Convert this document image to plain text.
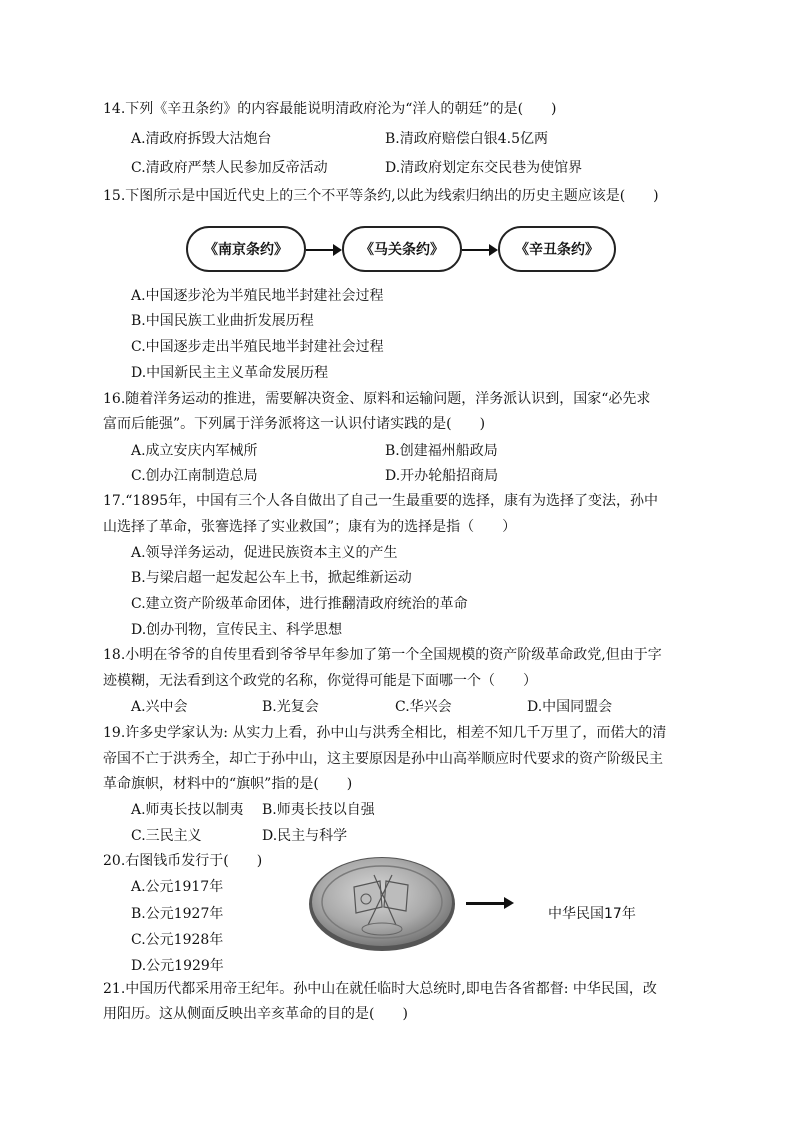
14.下列《辛丑条约》的内容最能说明清政府沦为“洋人的朝廷”的是(　　)
A.清政府拆毁大沽炮台	B.清政府赔偿白银4.5亿两
C.清政府严禁人民参加反帝活动	D.清政府划定东交民巷为使馆界
15.下图所示是中国近代史上的三个不平等条约,以此为线索归纳出的历史主题应该是(　　)
《南京条约》	《马关条约》	《辛丑条约》
A.中国逐步沦为半殖民地半封建社会过程
B.中国民族工业曲折发展历程
C.中国逐步走出半殖民地半封建社会过程
D.中国新民主主义革命发展历程
16.随着洋务运动的推进，需要解决资金、原料和运输问题，洋务派认识到，国家“必先求
富而后能强”。下列属于洋务派将这一认识付诸实践的是(　　)
A.成立安庆内军械所	B.创建福州船政局
C.创办江南制造总局	D.开办轮船招商局
17.“1895年，中国有三个人各自做出了自己一生最重要的选择，康有为选择了变法，孙中
山选择了革命，张謇选择了实业救国”；康有为的选择是指（　　）
A.领导洋务运动，促进民族资本主义的产生
B.与梁启超一起发起公车上书，掀起维新运动
C.建立资产阶级革命团体，进行推翻清政府统治的革命
D.创办刊物，宣传民主、科学思想
18.小明在爷爷的自传里看到爷爷早年参加了第一个全国规模的资产阶级革命政党,但由于字
迹模糊，无法看到这个政党的名称，你觉得可能是下面哪一个（　　）
A.兴中会	B.光复会	C.华兴会	D.中国同盟会
19.许多史学家认为: 从实力上看，孙中山与洪秀全相比，相差不知几千万里了，而偌大的清
帝国不亡于洪秀全，却亡于孙中山，这主要原因是孙中山高举顺应时代要求的资产阶级民主
革命旗帜，材料中的“旗帜”指的是(　　)
A.师夷长技以制夷 B.师夷长技以自强
C.三民主义	D.民主与科学
20.右图钱币发行于(　　)
A.公元1917年
B.公元1927年
C.公元1928年
D.公元1929年
中华民国17年
21.中国历代都采用帝王纪年。孙中山在就任临时大总统时,即电告各省都督: 中华民国，改
用阳历。这从侧面反映出辛亥革命的目的是(　　)
